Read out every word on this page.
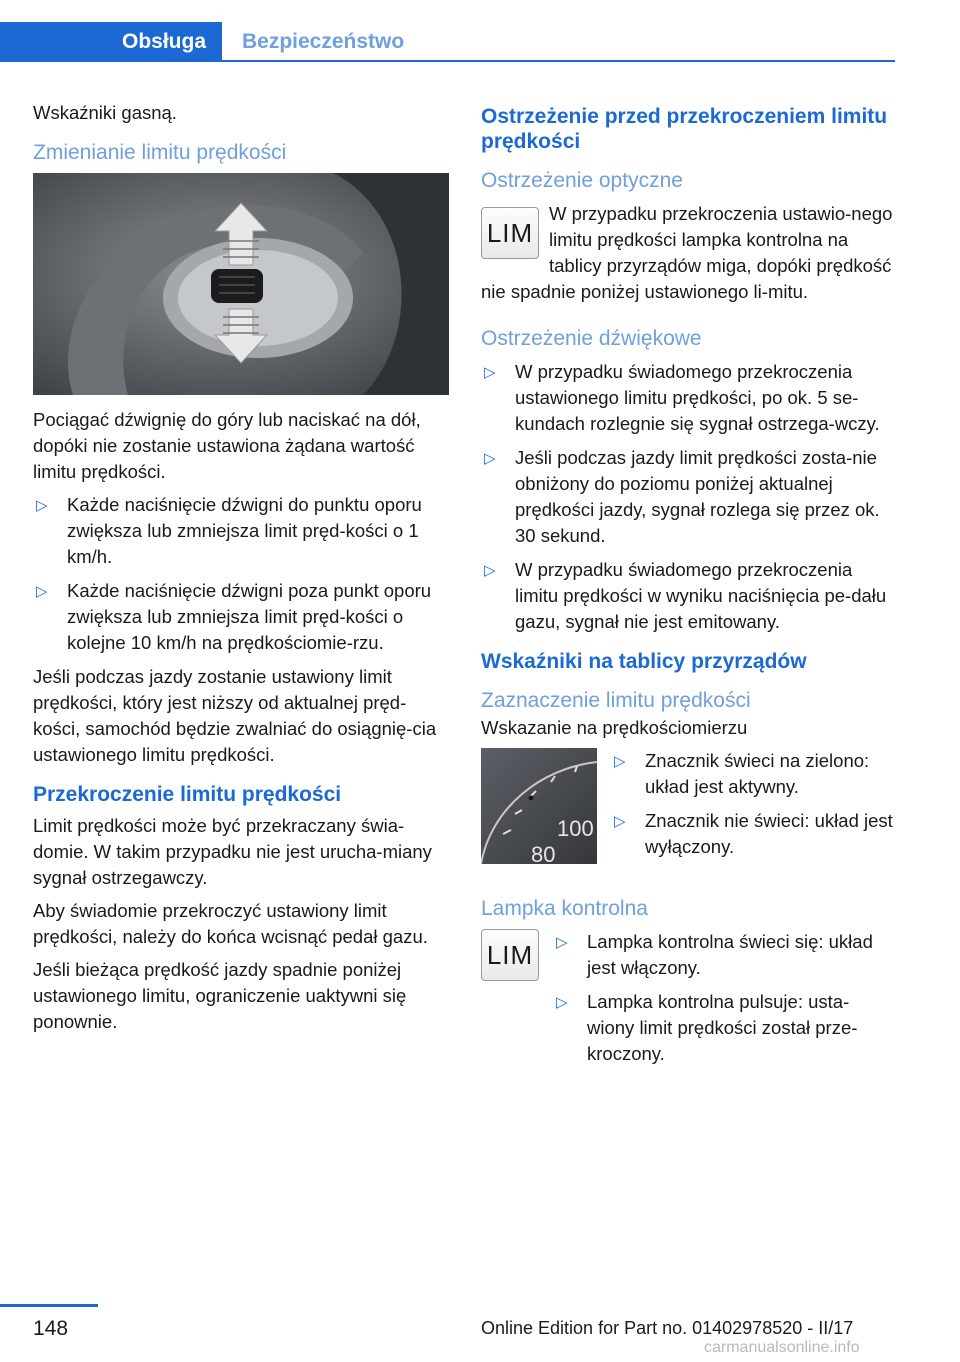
Obsługa	Bezpieczeństwo

Wskaźniki gasną.

Zmienianie limitu prędkości

Pociągać dźwignię do góry lub naciskać na dół, dopóki nie zostanie ustawiona żądana wartość limitu prędkości.

▷ Każde naciśnięcie dźwigni do punktu oporu zwiększa lub zmniejsza limit pręd-kości o 1 km/h.
▷ Każde naciśnięcie dźwigni poza punkt oporu zwiększa lub zmniejsza limit pręd-kości o kolejne 10 km/h na prędkościomie-rzu.

Jeśli podczas jazdy zostanie ustawiony limit prędkości, który jest niższy od aktualnej pręd-kości, samochód będzie zwalniać do osiągnię-cia ustawionego limitu prędkości.

Przekroczenie limitu prędkości

Limit prędkości może być przekraczany świa-domie. W takim przypadku nie jest urucha-miany sygnał ostrzegawczy.

Aby świadomie przekroczyć ustawiony limit prędkości, należy do końca wcisnąć pedał gazu.

Jeśli bieżąca prędkość jazdy spadnie poniżej ustawionego limitu, ograniczenie uaktywni się ponownie.

Ostrzeżenie przed przekroczeniem limitu prędkości
Ostrzeżenie optyczne
LIM

W przypadku przekroczenia ustawio-nego limitu prędkości lampka kontrolna na tablicy przyrządów miga, dopóki prędkość nie spadnie poniżej ustawionego li-mitu.

Ostrzeżenie dźwiękowe
▷ W przypadku świadomego przekroczenia ustawionego limitu prędkości, po ok. 5 se-kundach rozlegnie się sygnał ostrzega-wczy.
▷ Jeśli podczas jazdy limit prędkości zosta-nie obniżony do poziomu poniżej aktualnej prędkości jazdy, sygnał rozlega się przez ok. 30 sekund.
▷ W przypadku świadomego przekroczenia limitu prędkości w wyniku naciśnięcia pe-dału gazu, sygnał nie jest emitowany.
Wskaźniki na tablicy przyrządów
Zaznaczenie limitu prędkości

Wskazanie na prędkościomierzu

100
80
▷ Znacznik świeci na zielono: układ jest aktywny.
▷ Znacznik nie świeci: układ jest wyłączony.
Lampka kontrolna
LIM	▷ Lampka kontrolna świeci się: układ jest włączony.
▷ Lampka kontrolna pulsuje: usta-wiony limit prędkości został prze-kroczony.
148	Online Edition for Part no. 01402978520 - II/17
carmanualsonline.info
